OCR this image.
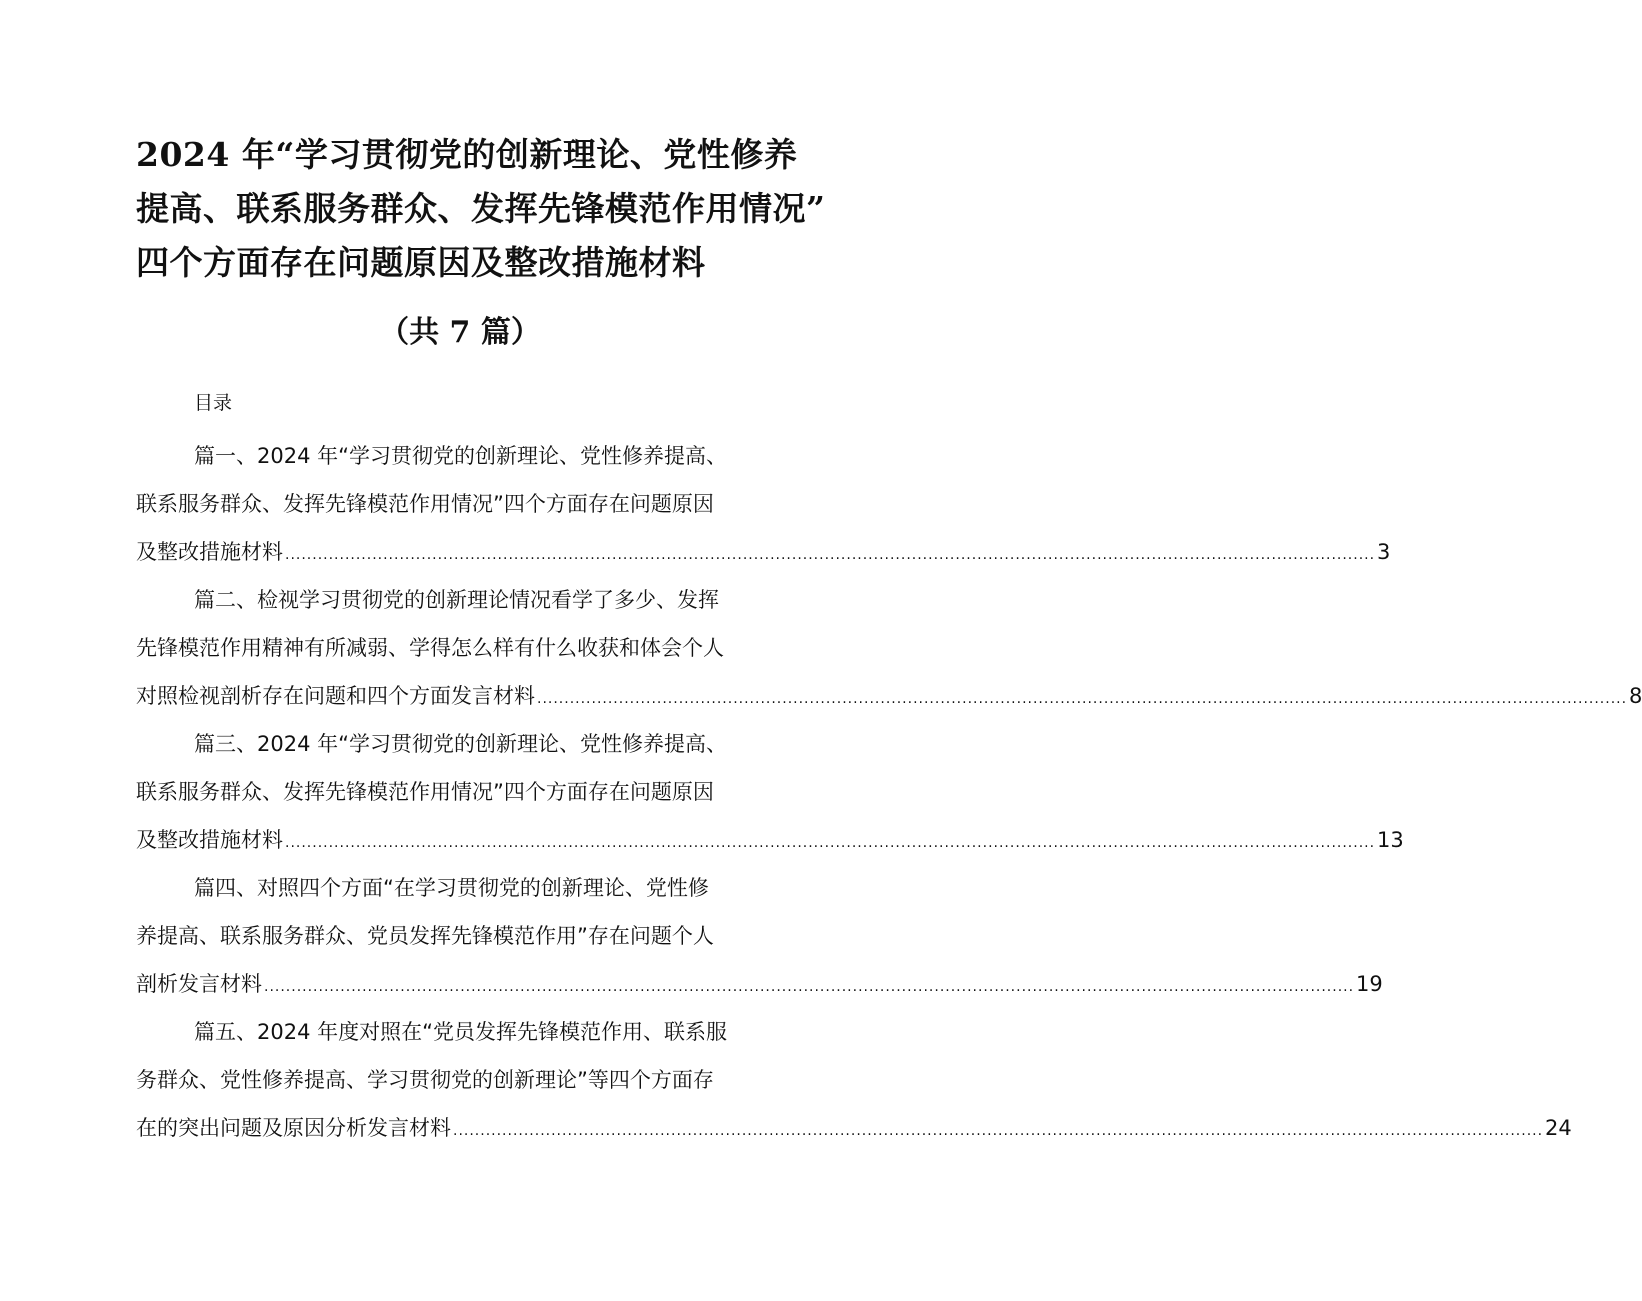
2024 年“学习贯彻党的创新理论、党性修养
提高、联系服务群众、发挥先锋模范作用情况”
四个方面存在问题原因及整改措施材料
（共 7 篇）
目录
篇一、2024 年“学习贯彻党的创新理论、党性修养提高、
联系服务群众、发挥先锋模范作用情况”四个方面存在问题原因
及整改措施材料 ........................................................................................................................................................................................................ 3
篇二、检视学习贯彻党的创新理论情况看学了多少、发挥
先锋模范作用精神有所减弱、学得怎么样有什么收获和体会个人
对照检视剖析存在问题和四个方面发言材料 ........................................................................................................................................................................................................ 8
篇三、2024 年“学习贯彻党的创新理论、党性修养提高、
联系服务群众、发挥先锋模范作用情况”四个方面存在问题原因
及整改措施材料 ........................................................................................................................................................................................................ 13
篇四、对照四个方面“在学习贯彻党的创新理论、党性修
养提高、联系服务群众、党员发挥先锋模范作用”存在问题个人
剖析发言材料 ........................................................................................................................................................................................................ 19
篇五、2024 年度对照在“党员发挥先锋模范作用、联系服
务群众、党性修养提高、学习贯彻党的创新理论”等四个方面存
在的突出问题及原因分析发言材料 ........................................................................................................................................................................................................ 24
